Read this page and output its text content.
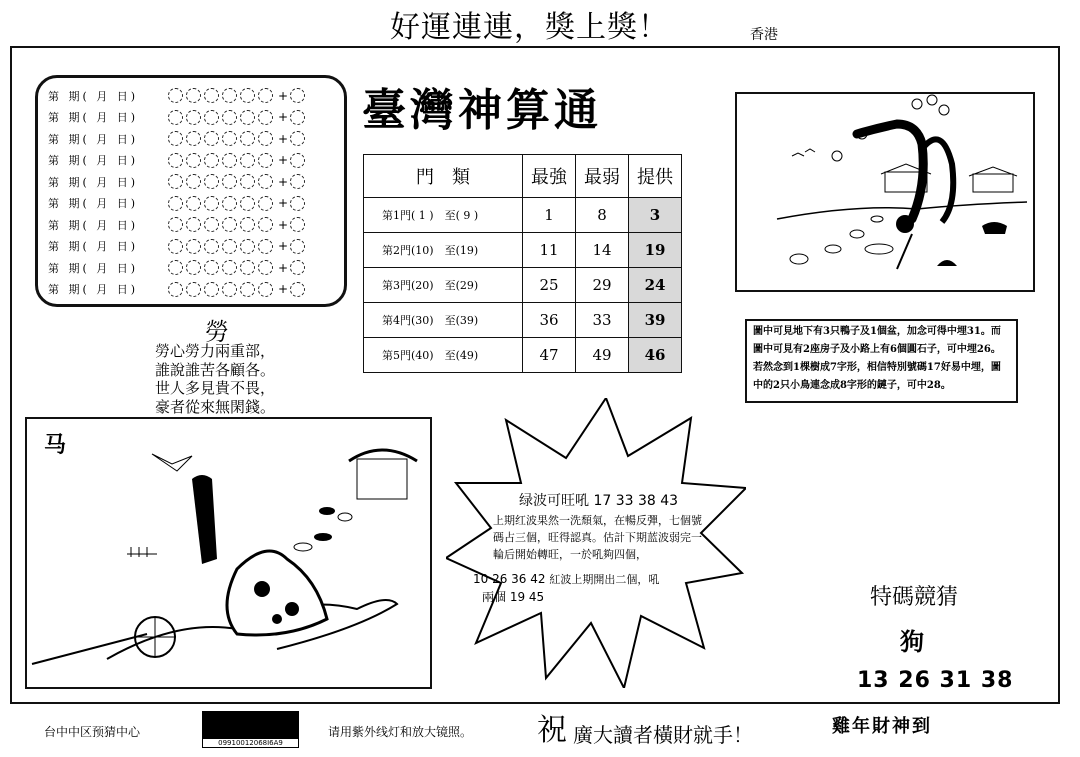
好運連連，獎上獎！	香港
第 期( 月 日)	+
第 期( 月 日)	+
第 期( 月 日)	+
第 期( 月 日)	+
第 期( 月 日)	+
第 期( 月 日)	+
第 期( 月 日)	+
第 期( 月 日)	+
第 期( 月 日)	+
第 期( 月 日)	+
勞
勞心勞力兩重部，
誰說誰苦各顧各。
世人多見貴不畏，
豪者從來無閑錢。
臺灣神算通
門　類	最強	最弱	提供
第1門( 1 )　至( 9 )	1	8	3
第2門(10)　至(19)	11	14	19
第3門(20)　至(29)	25	29	24
第4門(30)　至(39)	36	33	39
第5門(40)　至(49)	47	49	46
圖中可見地下有3只鴨子及1個盆，加念可得中埋31。而圖中可見有2座房子及小路上有6個圓石子，可中埋26。若然念到1棵樹成7字形，相信特別號碼17好易中埋，圖中的2只小鳥連念成8字形的鏈子，可中28。
马
绿波可旺吼 17 33 38 43
上期红波果然一洗頹氣，在暢反彈，七個號碼占三個，旺得認真。估計下期蓝波弱完一輪后開始轉旺，一於吼夠四個，
10 26 36 42 紅波上期開出二個，吼
兩個 19 45	特碼競猜
狗
13 26 31 38
台中中区预猜中心
09910012068I6A9
请用紫外线灯和放大镜照。 祝 廣大讀者橫財就手！	雞年財神到
